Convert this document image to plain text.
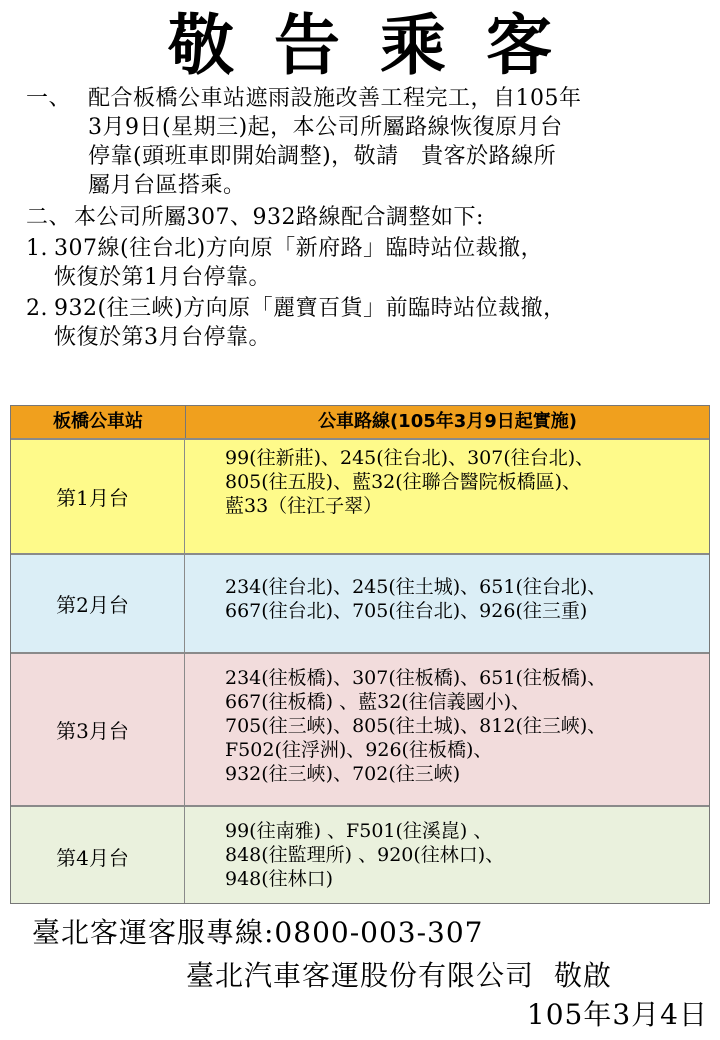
敬告乘客
一、 配合板橋公車站遮雨設施改善工程完工，自105年
3月9日(星期三)起，本公司所屬路線恢復原月台
停靠(頭班車即開始調整)，敬請　貴客於路線所
屬月台區搭乘。
二、 本公司所屬307、932路線配合調整如下:
1. 307線(往台北)方向原「新府路」臨時站位裁撤，
恢復於第1月台停靠。
2. 932(往三峽)方向原「麗寶百貨」前臨時站位裁撤，
恢復於第3月台停靠。
板橋公車站	公車路線(105年3月9日起實施)
第1月台
99(往新莊)、245(往台北)、307(往台北)、
805(往五股)、藍32(往聯合醫院板橋區)、
藍33（往江子翠）
第2月台
234(往台北)、245(往土城)、651(往台北)、
667(往台北)、705(往台北)、926(往三重)
第3月台
234(往板橋)、307(往板橋)、651(往板橋)、
667(往板橋) 、藍32(往信義國小)、
705(往三峽)、805(往土城)、812(往三峽)、
F502(往浮洲)、926(往板橋)、
932(往三峽)、702(往三峽)
第4月台
99(往南雅) 、F501(往溪崑) 、
848(往監理所) 、920(往林口)、
948(往林口)
臺北客運客服專線:0800-003-307
臺北汽車客運股份有限公司 敬啟
105年3月4日
